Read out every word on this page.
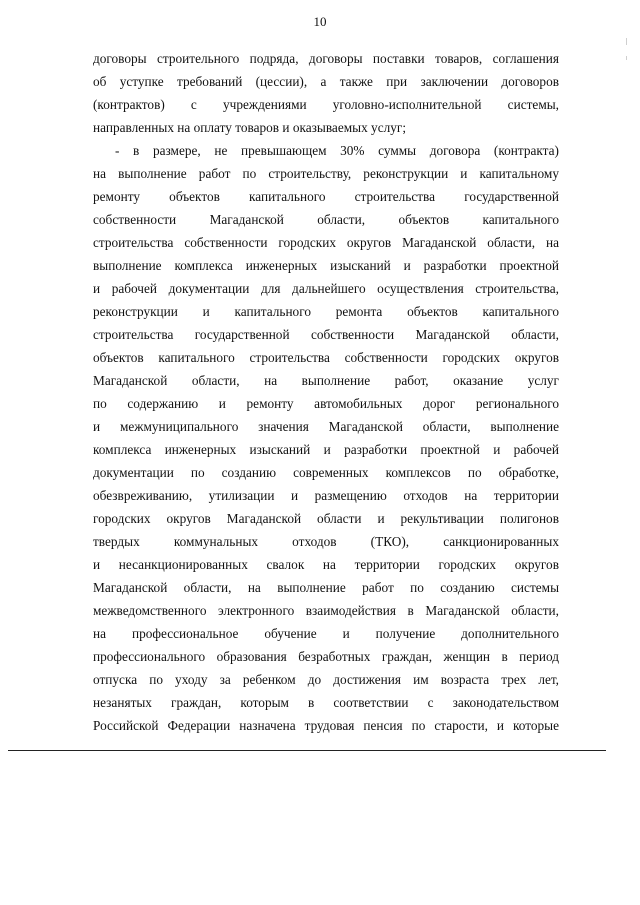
10
договоры строительного подряда, договоры поставки товаров, соглашения
об уступке требований (цессии), а также при заключении договоров
(контрактов) с учреждениями уголовно-исполнительной системы,
направленных на оплату товаров и оказываемых услуг;
- в размере, не превышающем 30% суммы договора (контракта)
на выполнение работ по строительству, реконструкции и капитальному
ремонту объектов капитального строительства государственной
собственности Магаданской области, объектов капитального
строительства собственности городских округов Магаданской области, на
выполнение комплекса инженерных изысканий и разработки проектной
и рабочей документации для дальнейшего осуществления строительства,
реконструкции и капитального ремонта объектов капитального
строительства государственной собственности Магаданской области,
объектов капитального строительства собственности городских округов
Магаданской области, на выполнение работ, оказание услуг
по содержанию и ремонту автомобильных дорог регионального
и межмуниципального значения Магаданской области, выполнение
комплекса инженерных изысканий и разработки проектной и рабочей
документации по созданию современных комплексов по обработке,
обезвреживанию, утилизации и размещению отходов на территории
городских округов Магаданской области и рекультивации полигонов
твердых коммунальных отходов (ТКО), санкционированных
и несанкционированных свалок на территории городских округов
Магаданской области, на выполнение работ по созданию системы
межведомственного электронного взаимодействия в Магаданской области,
на профессиональное обучение и получение дополнительного
профессионального образования безработных граждан, женщин в период
отпуска по уходу за ребенком до достижения им возраста трех лет,
незанятых граждан, которым в соответствии с законодательством
Российской Федерации назначена трудовая пенсия по старости, и которые
